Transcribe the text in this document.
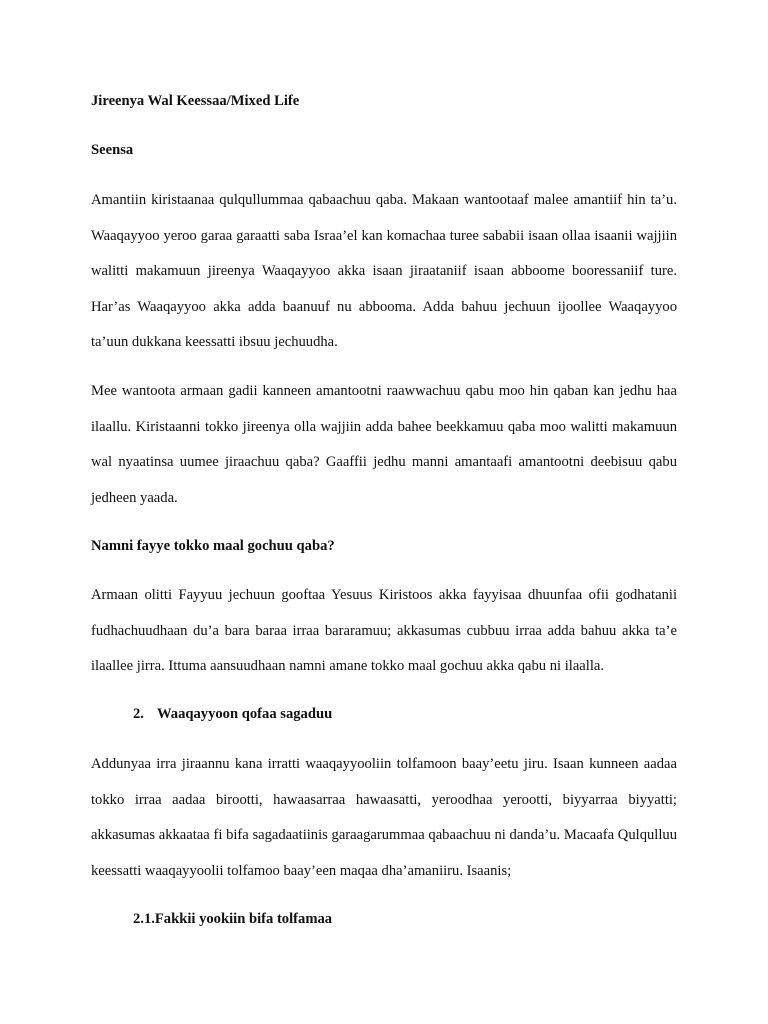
Jireenya Wal Keessaa/Mixed Life
Seensa

Amantiin kiristaanaa qulqullummaa qabaachuu qaba. Makaan wantootaaf malee amantiif hin ta’u. Waaqayyoo yeroo garaa garaatti saba Israa’el kan komachaa turee sababii isaan ollaa isaanii wajjiin walitti makamuun jireenya Waaqayyoo akka isaan jiraataniif isaan abboome booressaniif ture. Har’as Waaqayyoo akka adda baanuuf nu abbooma. Adda bahuu jechuun ijoollee Waaqayyoo ta’uun dukkana keessatti ibsuu jechuudha.

Mee wantoota armaan gadii kanneen amantootni raawwachuu qabu moo hin qaban kan jedhu haa ilaallu. Kiristaanni tokko jireenya olla wajjiin adda bahee beekkamuu qaba moo walitti makamuun wal nyaatinsa uumee jiraachuu qaba? Gaaffii jedhu manni amantaafi amantootni deebisuu qabu jedheen yaada.

Namni fayye tokko maal gochuu qaba?

Armaan olitti Fayyuu jechuun gooftaa Yesuus Kiristoos akka fayyisaa dhuunfaa ofii godhatanii fudhachuudhaan du’a bara baraa irraa bararamuu; akkasumas cubbuu irraa adda bahuu akka ta’e ilaallee jirra. Ittuma aansuudhaan namni amane tokko maal gochuu akka qabu ni ilaalla.

2. Waaqayyoon qofaa sagaduu

Addunyaa irra jiraannu kana irratti waaqayyooliin tolfamoon baay’eetu jiru. Isaan kunneen aadaa tokko irraa aadaa birootti, hawaasarraa hawaasatti, yeroodhaa yerootti, biyyarraa biyyatti; akkasumas akkaataa fi bifa sagadaatiinis garaagarummaa qabaachuu ni danda’u. Macaafa Qulqulluu keessatti waaqayyoolii tolfamoo baay’een maqaa dha’amaniiru. Isaanis;

2.1.Fakkii yookiin bifa tolfamaa
